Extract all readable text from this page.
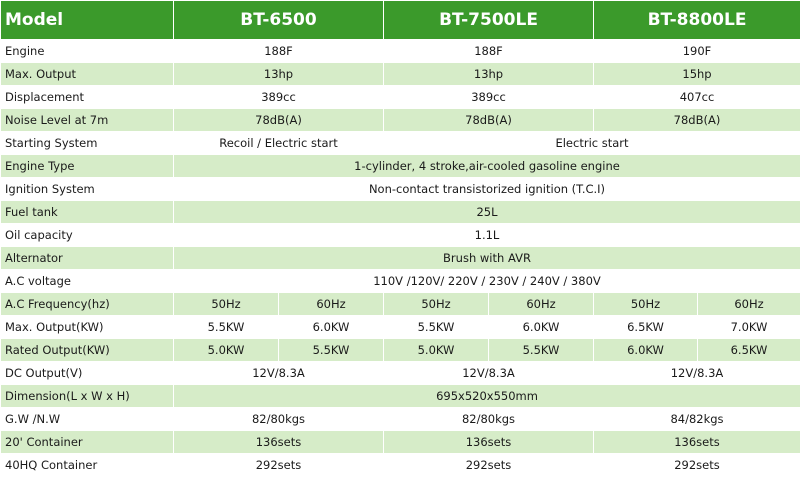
Model	BT-6500		BT-7500LE		BT-8800LE	
Engine	188F		188F		190F	
Max. Output	13hp		13hp		15hp	
Displacement	389cc		389cc		407cc	
Noise Level at 7m	78dB(A)		78dB(A)		78dB(A)	
Starting System	Recoil / Electric start		Electric start			
Engine Type	1-cylinder, 4 stroke,air-cooled gasoline engine					
Ignition System	Non-contact transistorized ignition (T.C.I)					
Fuel tank	25L					
Oil capacity	1.1L					
Alternator	Brush with AVR					
A.C voltage	110V /120V/ 220V / 230V / 240V / 380V					
A.C Frequency(hz)	50Hz	60Hz	50Hz	60Hz	50Hz	60Hz
Max. Output(KW)	5.5KW	6.0KW	5.5KW	6.0KW	6.5KW	7.0KW
Rated Output(KW)	5.0KW	5.5KW	5.0KW	5.5KW	6.0KW	6.5KW
DC Output(V)	12V/8.3A		12V/8.3A		12V/8.3A	
Dimension(L x W x H)	695x520x550mm					
G.W /N.W	82/80kgs		82/80kgs		84/82kgs	
20' Container	136sets		136sets		136sets	
40HQ Container	292sets		292sets		292sets	
